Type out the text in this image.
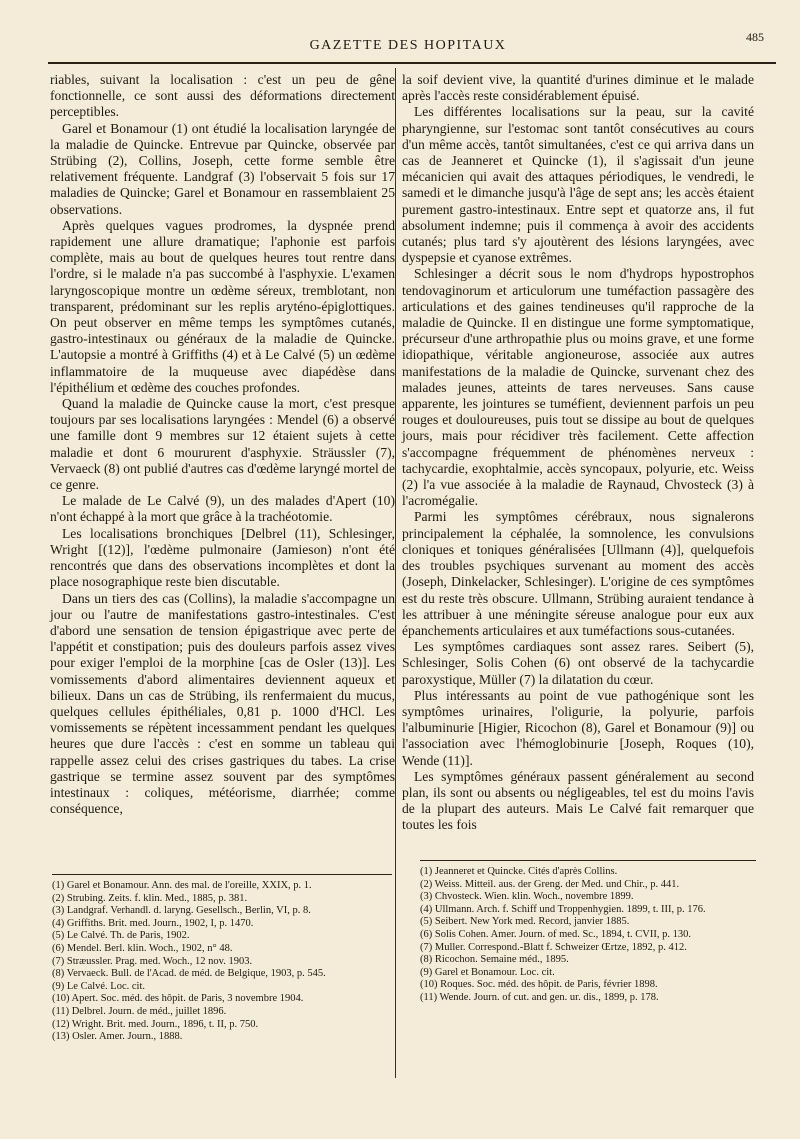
GAZETTE DES HOPITAUX
485

riables, suivant la localisation : c'est un peu de gêne fonctionnelle, ce sont aussi des déformations directement perceptibles.

Garel et Bonamour (1) ont étudié la localisation laryngée de la maladie de Quincke. Entrevue par Quincke, observée par Strübing (2), Collins, Joseph, cette forme semble être relativement fréquente. Landgraf (3) l'observait 5 fois sur 17 maladies de Quincke; Garel et Bonamour en rassemblaient 25 observations.

Après quelques vagues prodromes, la dyspnée prend rapidement une allure dramatique; l'aphonie est parfois complète, mais au bout de quelques heures tout rentre dans l'ordre, si le malade n'a pas succombé à l'asphyxie. L'examen laryngoscopique montre un œdème séreux, tremblotant, non transparent, prédominant sur les replis aryténo-épiglottiques. On peut observer en même temps les symptômes cutanés, gastro-intestinaux ou généraux de la maladie de Quincke. L'autopsie a montré à Griffiths (4) et à Le Calvé (5) un œdème inflammatoire de la muqueuse avec diapédèse dans l'épithélium et œdème des couches profondes.

Quand la maladie de Quincke cause la mort, c'est presque toujours par ses localisations laryngées : Mendel (6) a observé une famille dont 9 membres sur 12 étaient sujets à cette maladie et dont 6 moururent d'asphyxie. Sträussler (7), Vervaeck (8) ont publié d'autres cas d'œdème laryngé mortel de ce genre.

Le malade de Le Calvé (9), un des malades d'Apert (10) n'ont échappé à la mort que grâce à la trachéotomie.

Les localisations bronchiques [Delbrel (11), Schlesinger, Wright [(12)], l'œdème pulmonaire (Jamieson) n'ont été rencontrés que dans des observations incomplètes et dont la place nosographique reste bien discutable.

Dans un tiers des cas (Collins), la maladie s'accompagne un jour ou l'autre de manifestations gastro-intestinales. C'est d'abord une sensation de tension épigastrique avec perte de l'appétit et constipation; puis des douleurs parfois assez vives pour exiger l'emploi de la morphine [cas de Osler (13)]. Les vomissements d'abord alimentaires deviennent aqueux et bilieux. Dans un cas de Strübing, ils renfermaient du mucus, quelques cellules épithéliales, 0,81 p. 1000 d'HCl. Les vomissements se répètent incessamment pendant les quelques heures que dure l'accès : c'est en somme un tableau qui rappelle assez celui des crises gastriques du tabes. La crise gastrique se termine assez souvent par des symptômes intestinaux : coliques, météorisme, diarrhée; comme conséquence,

la soif devient vive, la quantité d'urines diminue et le malade après l'accès reste considérablement épuisé.

Les différentes localisations sur la peau, sur la cavité pharyngienne, sur l'estomac sont tantôt consécutives au cours d'un même accès, tantôt simultanées, c'est ce qui arriva dans un cas de Jeanneret et Quincke (1), il s'agissait d'un jeune mécanicien qui avait des attaques périodiques, le vendredi, le samedi et le dimanche jusqu'à l'âge de sept ans; les accès étaient purement gastro-intestinaux. Entre sept et quatorze ans, il fut absolument indemne; puis il commença à avoir des accidents cutanés; plus tard s'y ajoutèrent des lésions laryngées, avec dyspepsie et cyanose extrêmes.

Schlesinger a décrit sous le nom d'hydrops hypostrophos tendovaginorum et articulorum une tuméfaction passagère des articulations et des gaines tendineuses qu'il rapproche de la maladie de Quincke. Il en distingue une forme symptomatique, précurseur d'une arthropathie plus ou moins grave, et une forme idiopathique, véritable angioneurose, associée aux autres manifestations de la maladie de Quincke, survenant chez des malades jeunes, atteints de tares nerveuses. Sans cause apparente, les jointures se tuméfient, deviennent parfois un peu rouges et douloureuses, puis tout se dissipe au bout de quelques jours, mais pour récidiver très facilement. Cette affection s'accompagne fréquemment de phénomènes nerveux : tachycardie, exophtalmie, accès syncopaux, polyurie, etc. Weiss (2) l'a vue associée à la maladie de Raynaud, Chvosteck (3) à l'acromégalie.

Parmi les symptômes cérébraux, nous signalerons principalement la céphalée, la somnolence, les convulsions cloniques et toniques généralisées [Ullmann (4)], quelquefois des troubles psychiques survenant au moment des accès (Joseph, Dinkelacker, Schlesinger). L'origine de ces symptômes est du reste très obscure. Ullmann, Strübing auraient tendance à les attribuer à une méningite séreuse analogue pour eux aux épanchements articulaires et aux tuméfactions sous-cutanées.

Les symptômes cardiaques sont assez rares. Seibert (5), Schlesinger, Solis Cohen (6) ont observé de la tachycardie paroxystique, Müller (7) la dilatation du cœur.

Plus intéressants au point de vue pathogénique sont les symptômes urinaires, l'oligurie, la polyurie, parfois l'albuminurie [Higier, Ricochon (8), Garel et Bonamour (9)] ou l'association avec l'hémoglobinurie [Joseph, Roques (10), Wende (11)].

Les symptômes généraux passent généralement au second plan, ils sont ou absents ou négligeables, tel est du moins l'avis de la plupart des auteurs. Mais Le Calvé fait remarquer que toutes les fois

(1) Garel et Bonamour. Ann. des mal. de l'oreille, XXIX, p. 1.
(2) Strubing. Zeits. f. klin. Med., 1885, p. 381.
(3) Landgraf. Verhandl. d. laryng. Gesellsch., Berlin, VI, p. 8.
(4) Griffiths. Brit. med. Journ., 1902, I, p. 1470.
(5) Le Calvé. Th. de Paris, 1902.
(6) Mendel. Berl. klin. Woch., 1902, n° 48.
(7) Stræussler. Prag. med. Woch., 12 nov. 1903.
(8) Vervaeck. Bull. de l'Acad. de méd. de Belgique, 1903, p. 545.
(9) Le Calvé. Loc. cit.
(10) Apert. Soc. méd. des hôpit. de Paris, 3 novembre 1904.
(11) Delbrel. Journ. de méd., juillet 1896.
(12) Wright. Brit. med. Journ., 1896, t. II, p. 750.
(13) Osler. Amer. Journ., 1888.
(1) Jeanneret et Quincke. Cités d'après Collins.
(2) Weiss. Mitteil. aus. der Greng. der Med. und Chir., p. 441.
(3) Chvosteck. Wien. klin. Woch., novembre 1899.
(4) Ullmann. Arch. f. Schiff und Troppenhygien. 1899, t. III, p. 176.
(5) Seibert. New York med. Record, janvier 1885.
(6) Solis Cohen. Amer. Journ. of med. Sc., 1894, t. CVII, p. 130.
(7) Muller. Correspond.-Blatt f. Schweizer Œrtze, 1892, p. 412.
(8) Ricochon. Semaine méd., 1895.
(9) Garel et Bonamour. Loc. cit.
(10) Roques. Soc. méd. des hôpit. de Paris, février 1898.
(11) Wende. Journ. of cut. and gen. ur. dis., 1899, p. 178.
